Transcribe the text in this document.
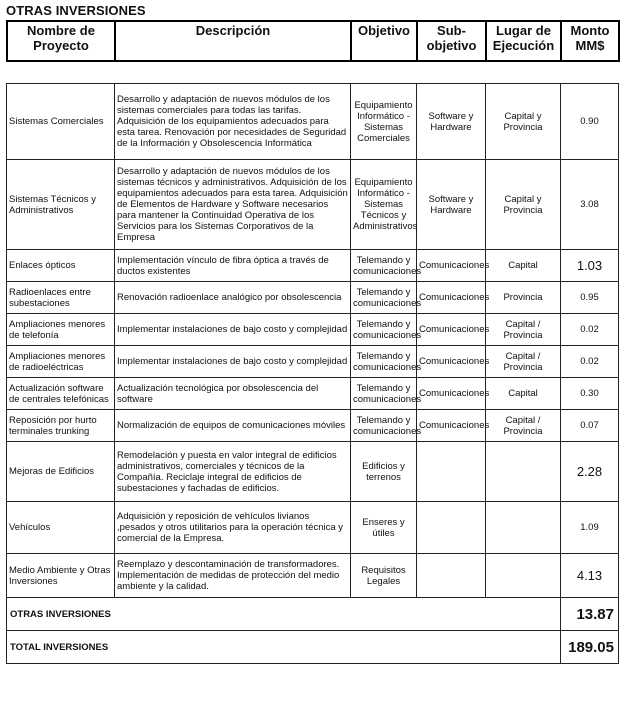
OTRAS INVERSIONES
Nombre de Proyecto	Descripción	Objetivo	Sub-objetivo	Lugar de Ejecución	Monto MM$
Sistemas Comerciales	Desarrollo y adaptación de nuevos módulos de los sistemas comerciales para todas las tarifas. Adquisición de los equipamientos adecuados para esta tarea. Renovación por necesidades de Seguridad de la Información y Obsolescencia Informática	Equipamiento Informático - Sistemas Comerciales	Software y Hardware	Capital y Provincia	0.90
Sistemas Técnicos y Administrativos	Desarrollo y adaptación de nuevos módulos de los sistemas técnicos y administrativos. Adquisición de los equipamientos adecuados para esta tarea. Adquisición de Elementos de Hardware y Software necesarios para mantener la Continuidad Operativa de los Servicios para los Sistemas Corporativos de la Empresa	Equipamiento Informático - Sistemas Técnicos y Administrativos	Software y Hardware	Capital y Provincia	3.08
Enlaces ópticos	Implementación vínculo de fibra óptica a través de ductos existentes	Telemando y comunicaciones	Comunicaciones	Capital	1.03
Radioenlaces entre subestaciones	Renovación radioenlace analógico por obsolescencia	Telemando y comunicaciones	Comunicaciones	Provincia	0.95
Ampliaciones menores de telefonía	Implementar instalaciones de bajo costo y complejidad	Telemando y comunicaciones	Comunicaciones	Capital / Provincia	0.02
Ampliaciones menores de radioeléctricas	Implementar instalaciones de bajo costo y complejidad	Telemando y comunicaciones	Comunicaciones	Capital / Provincia	0.02
Actualización software de centrales telefónicas	Actualización tecnológica por obsolescencia del software	Telemando y comunicaciones	Comunicaciones	Capital	0.30
Reposición por hurto terminales trunking	Normalización de equipos de comunicaciones móviles	Telemando y comunicaciones	Comunicaciones	Capital / Provincia	0.07
Mejoras de Edificios	Remodelación y puesta en valor integral de edificios administrativos, comerciales y técnicos de la Compañía. Reciclaje integral de edificios de subestaciones y fachadas de edificios.	Edificios y terrenos			2.28
Vehículos	Adquisición y reposición de vehículos livianos ,pesados y otros utilitarios para la operación técnica y comercial de la Empresa.	Enseres y útiles			1.09
Medio Ambiente y Otras Inversiones	Reemplazo y descontaminación de transformadores. Implementación de medidas de protección del medio ambiente y la calidad.	Requisitos Legales			4.13
OTRAS INVERSIONES					13.87
TOTAL INVERSIONES					189.05
